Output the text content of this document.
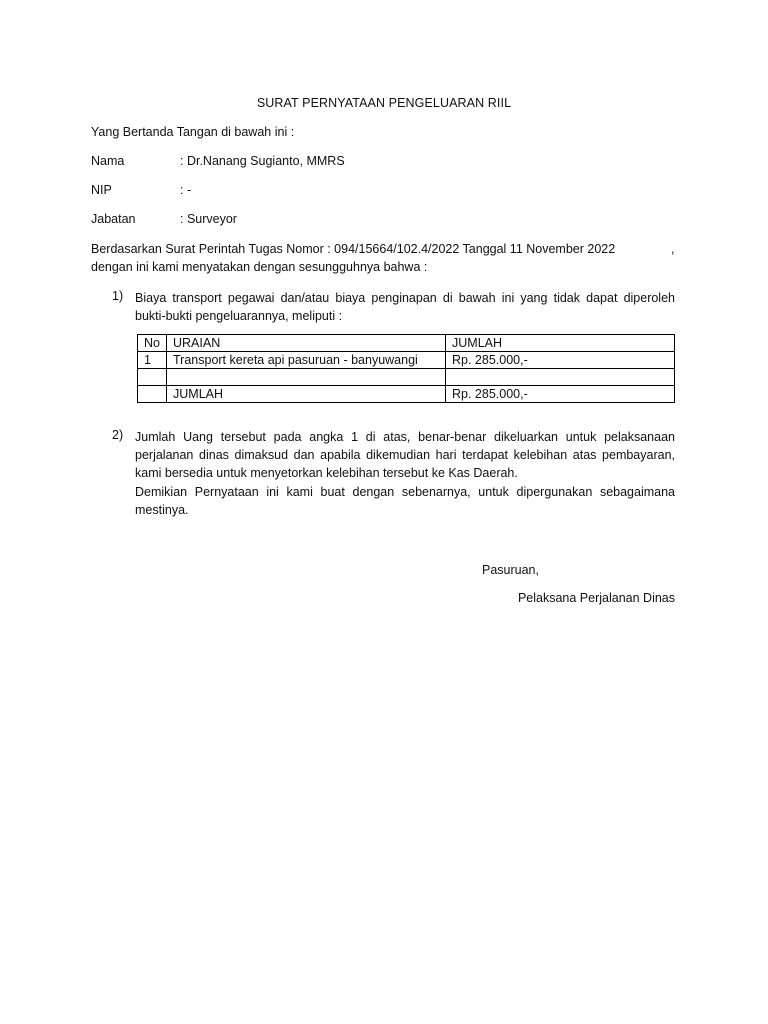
SURAT PERNYATAAN PENGELUARAN RIIL
Yang Bertanda Tangan di bawah ini :
Nama	: Dr.Nanang Sugianto, MMRS
NIP	: -
Jabatan	: Surveyor
Berdasarkan Surat Perintah Tugas Nomor : 094/15664/102.4/2022 Tanggal 11 November 2022	,
dengan ini kami menyatakan dengan sesungguhnya bahwa :
1) Biaya transport pegawai dan/atau biaya penginapan di bawah ini yang tidak dapat diperoleh bukti-bukti pengeluarannya, meliputi :
No	URAIAN	JUMLAH
1	Transport kereta api pasuruan - banyuwangi	Rp. 285.000,-

	JUMLAH	Rp. 285.000,-
2) Jumlah Uang tersebut pada angka 1 di atas, benar-benar dikeluarkan untuk pelaksanaan perjalanan dinas dimaksud dan apabila dikemudian hari terdapat kelebihan atas pembayaran, kami bersedia untuk menyetorkan kelebihan tersebut ke Kas Daerah.
Demikian Pernyataan ini kami buat dengan sebenarnya, untuk dipergunakan sebagaimana mestinya.
Pasuruan,
Pelaksana Perjalanan Dinas
